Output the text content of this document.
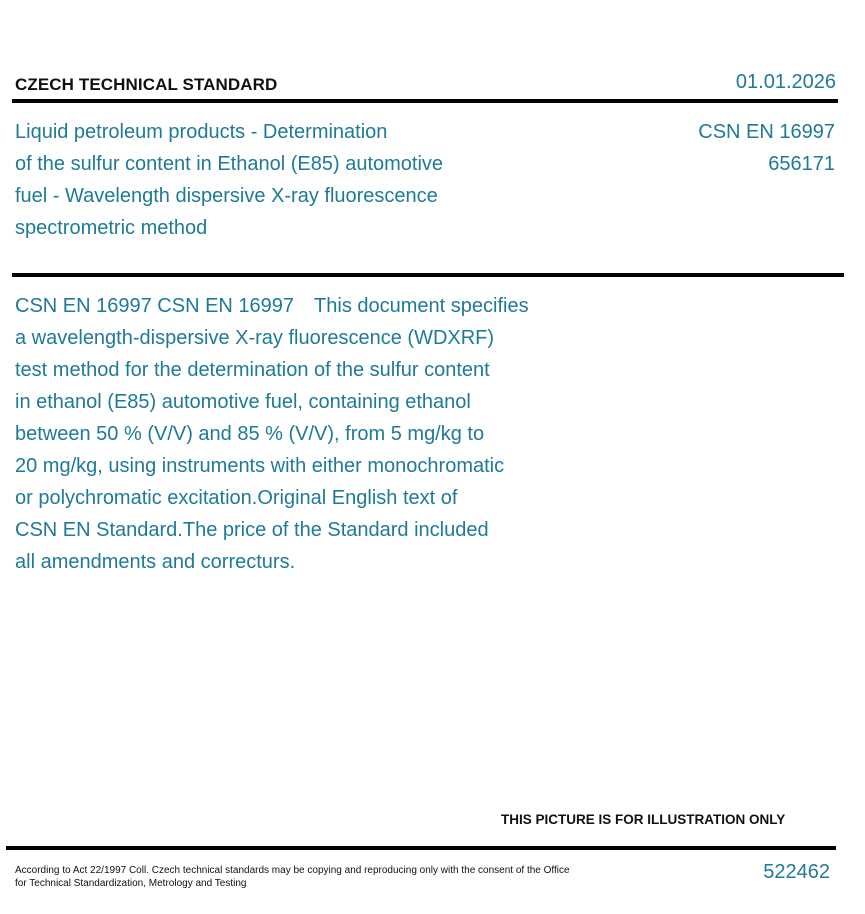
CZECH TECHNICAL STANDARD	01.01.2026
Liquid petroleum products - Determination
of the sulfur content in Ethanol (E85) automotive
fuel - Wavelength dispersive X-ray fluorescence
spectrometric method
CSN EN 16997
656171
CSN EN 16997 CSN EN 16997 This document specifies
a wavelength-dispersive X-ray fluorescence (WDXRF)
test method for the determination of the sulfur content
in ethanol (E85) automotive fuel, containing ethanol
between 50 % (V/V) and 85 % (V/V), from 5 mg/kg to
20 mg/kg, using instruments with either monochromatic
or polychromatic excitation.Original English text of
CSN EN Standard.The price of the Standard included
all amendments and correcturs.
THIS PICTURE IS FOR ILLUSTRATION ONLY
According to Act 22/1997 Coll. Czech technical standards may be copying and reproducing only with the consent of the Office
for Technical Standardization, Metrology and Testing
522462
